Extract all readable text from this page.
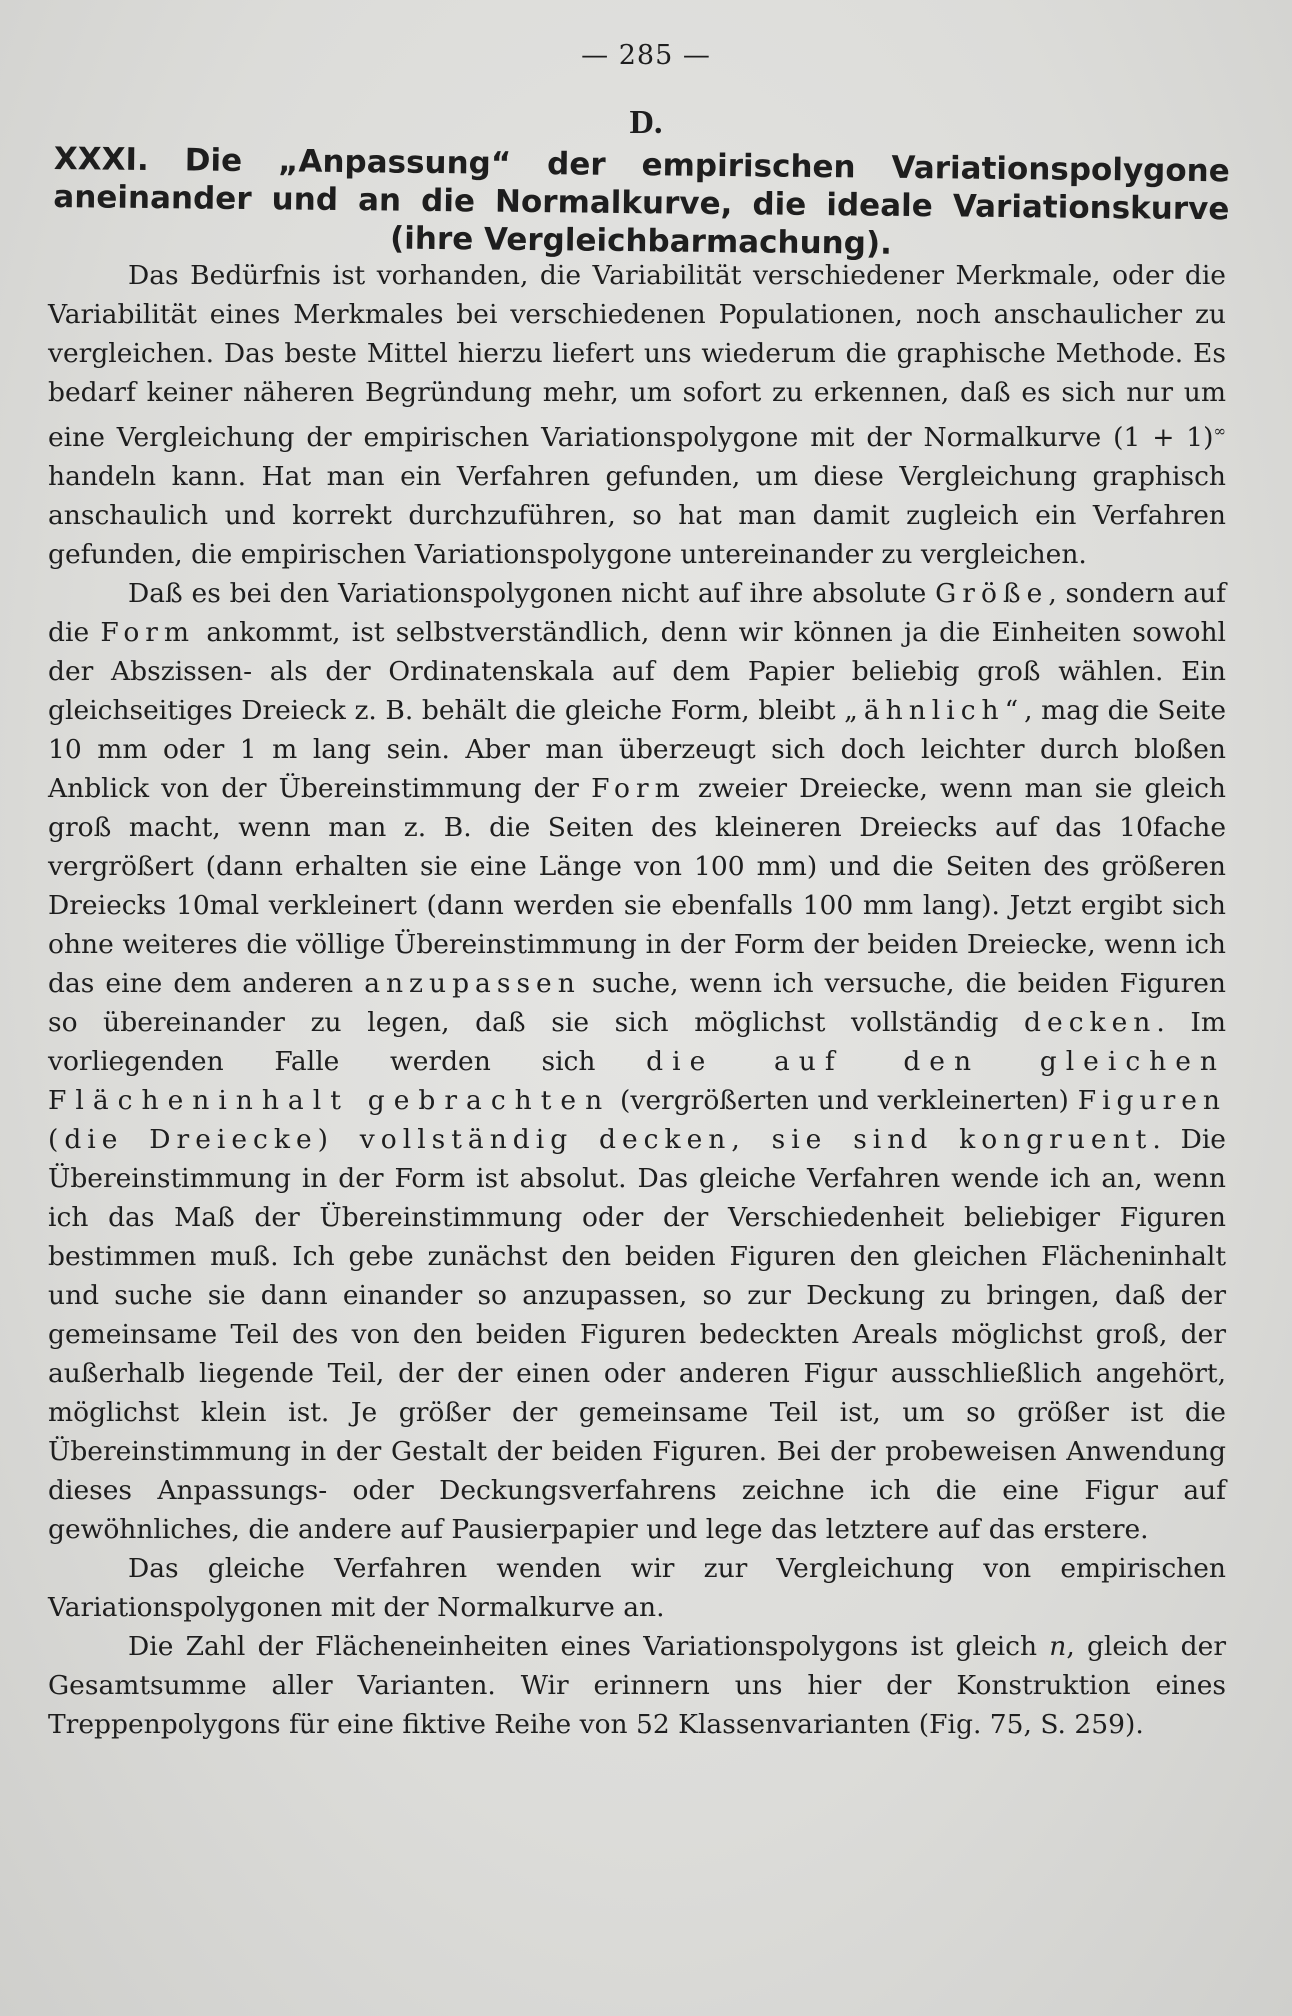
— 285 —
D.
XXXI. Die „Anpassung“ der empirischen Variationspolygone aneinander und an die Normalkurve, die ideale Variationskurve (ihre Vergleichbarmachung).

Das Bedürfnis ist vorhanden, die Variabilität verschiedener Merkmale, oder die Variabilität eines Merkmales bei verschiedenen Populationen, noch anschaulicher zu vergleichen. Das beste Mittel hierzu liefert uns wiederum die graphische Methode. Es bedarf keiner näheren Begründung mehr, um sofort zu erkennen, daß es sich nur um eine Vergleichung der empirischen Variationspolygone mit der Normalkurve (1 + 1)∞ handeln kann. Hat man ein Verfahren gefunden, um diese Vergleichung graphisch anschaulich und korrekt durchzuführen, so hat man damit zugleich ein Verfahren gefunden, die empirischen Variationspolygone untereinander zu vergleichen.

Daß es bei den Variationspolygonen nicht auf ihre absolute Größe, sondern auf die Form ankommt, ist selbstverständlich, denn wir können ja die Einheiten sowohl der Abszissen- als der Ordinatenskala auf dem Papier beliebig groß wählen. Ein gleichseitiges Dreieck z. B. behält die gleiche Form, bleibt „ähnlich“, mag die Seite 10 mm oder 1 m lang sein. Aber man überzeugt sich doch leichter durch bloßen Anblick von der Übereinstimmung der Form zweier Dreiecke, wenn man sie gleich groß macht, wenn man z. B. die Seiten des kleineren Dreiecks auf das 10fache vergrößert (dann erhalten sie eine Länge von 100 mm) und die Seiten des größeren Dreiecks 10mal verkleinert (dann werden sie ebenfalls 100 mm lang). Jetzt ergibt sich ohne weiteres die völlige Übereinstimmung in der Form der beiden Dreiecke, wenn ich das eine dem anderen anzupassen suche, wenn ich versuche, die beiden Figuren so übereinander zu legen, daß sie sich möglichst vollständig decken. Im vorliegenden Falle werden sich die auf den gleichen Flächeninhalt gebrachten (vergrößerten und verkleinerten) Figuren (die Dreiecke) vollständig decken, sie sind kongruent. Die Übereinstimmung in der Form ist absolut. Das gleiche Verfahren wende ich an, wenn ich das Maß der Übereinstimmung oder der Verschiedenheit beliebiger Figuren bestimmen muß. Ich gebe zunächst den beiden Figuren den gleichen Flächeninhalt und suche sie dann einander so anzupassen, so zur Deckung zu bringen, daß der gemeinsame Teil des von den beiden Figuren bedeckten Areals möglichst groß, der außerhalb liegende Teil, der der einen oder anderen Figur ausschließlich angehört, möglichst klein ist. Je größer der gemeinsame Teil ist, um so größer ist die Übereinstimmung in der Gestalt der beiden Figuren. Bei der probeweisen Anwendung dieses Anpassungs- oder Deckungsverfahrens zeichne ich die eine Figur auf gewöhnliches, die andere auf Pausierpapier und lege das letztere auf das erstere.

Das gleiche Verfahren wenden wir zur Vergleichung von empirischen Variationspolygonen mit der Normalkurve an.

Die Zahl der Flächeneinheiten eines Variationspolygons ist gleich n, gleich der Gesamtsumme aller Varianten. Wir erinnern uns hier der Konstruktion eines Treppenpolygons für eine fiktive Reihe von 52 Klassenvarianten (Fig. 75, S. 259).
